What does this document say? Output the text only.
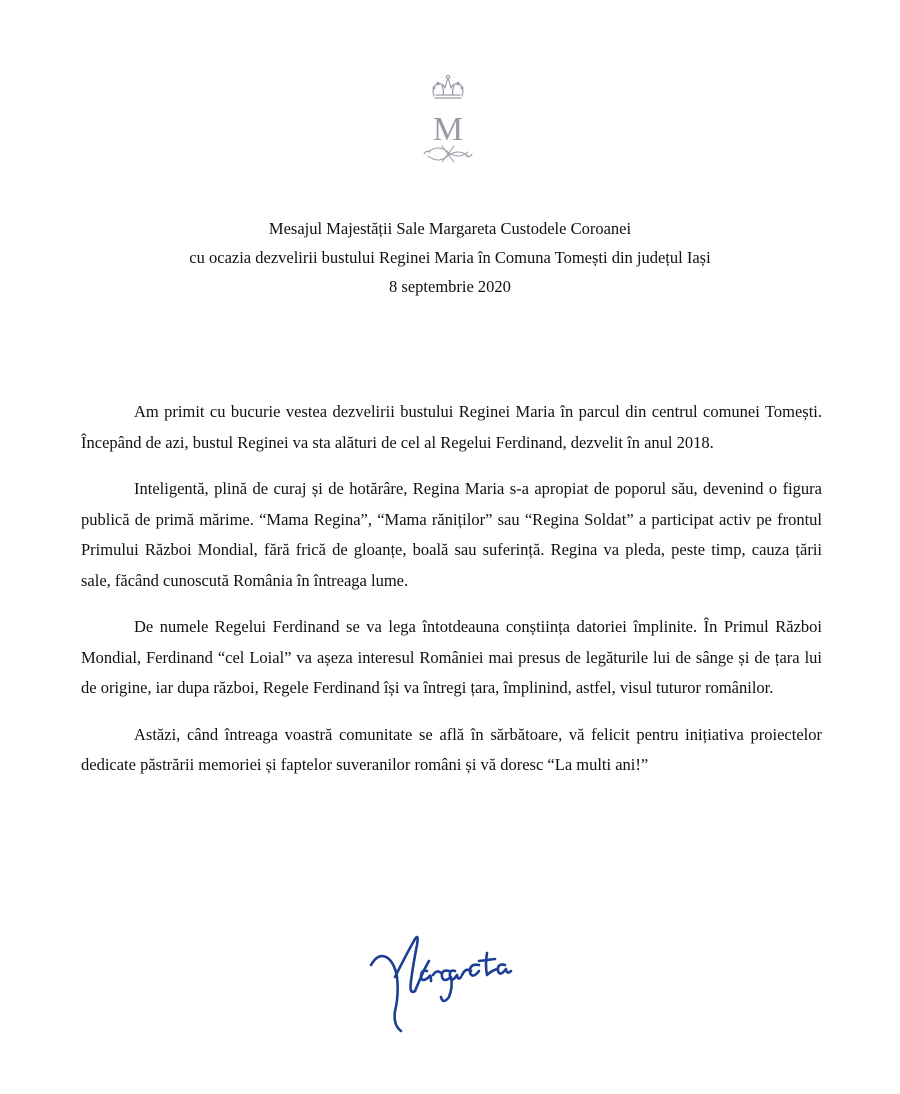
M
Mesajul Majestății Sale Margareta Custodele Coroanei
cu ocazia dezvelirii bustului Reginei Maria în Comuna Tomești din județul Iași
8 septembrie 2020

Am primit cu bucurie vestea dezvelirii bustului Reginei Maria în parcul din centrul comunei Tomești. Începând de azi, bustul Reginei va sta alături de cel al Regelui Ferdinand, dezvelit în anul 2018.

Inteligentă, plină de curaj și de hotărâre, Regina Maria s-a apropiat de poporul său, devenind o figura publică de primă mărime. “Mama Regina”, “Mama răniților” sau “Regina Soldat” a participat activ pe frontul Primului Război Mondial, fără frică de gloanțe, boală sau suferință. Regina va pleda, peste timp, cauza țării sale, făcând cunoscută România în întreaga lume.

De numele Regelui Ferdinand se va lega întotdeauna conștiința datoriei împlinite. În Primul Război Mondial, Ferdinand “cel Loial” va așeza interesul României mai presus de legăturile lui de sânge și de țara lui de origine, iar dupa război, Regele Ferdinand își va întregi țara, împlinind, astfel, visul tuturor românilor.

Astăzi, când întreaga voastră comunitate se află în sărbătoare, vă felicit pentru inițiativa proiectelor dedicate păstrării memoriei și faptelor suveranilor români și vă doresc “La multi ani!”
